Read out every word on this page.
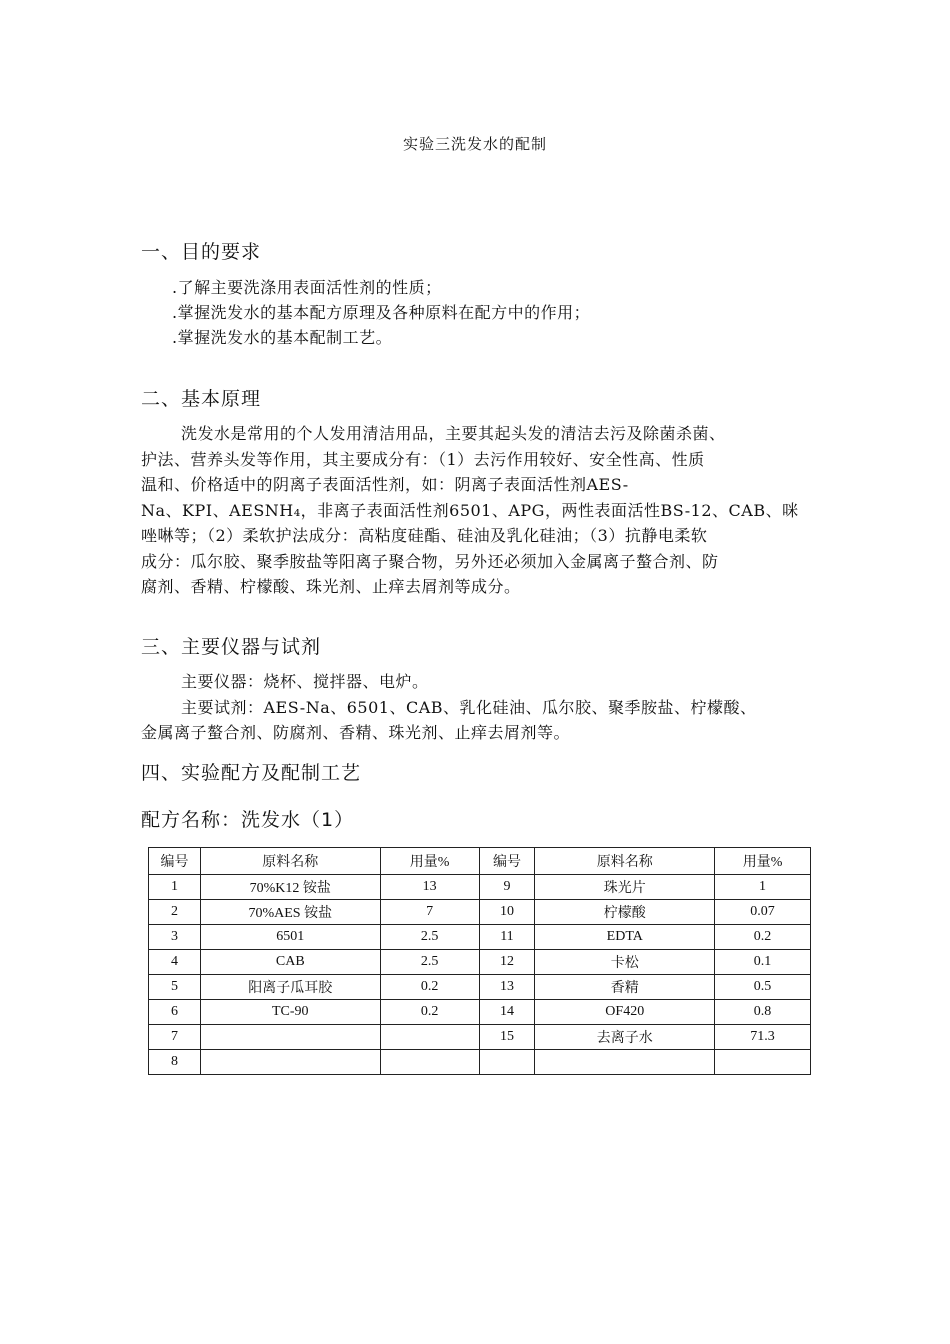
实验三洗发水的配制
一、目的要求
.了解主要洗涤用表面活性剂的性质；
.掌握洗发水的基本配方原理及各种原料在配方中的作用；
.掌握洗发水的基本配制工艺。
二、基本原理
洗发水是常用的个人发用清洁用品，主要其起头发的清洁去污及除菌杀菌、
护法、营养头发等作用，其主要成分有：（1）去污作用较好、安全性高、性质
温和、价格适中的阴离子表面活性剂，如：阴离子表面活性剂AES-
Na、KPI、AESNH₄，非离子表面活性剂6501、APG，两性表面活性BS-12、CAB、咪
唑啉等；（2）柔软护法成分：高粘度硅酯、硅油及乳化硅油；（3）抗静电柔软
成分：瓜尔胶、聚季胺盐等阳离子聚合物，另外还必须加入金属离子螯合剂、防
腐剂、香精、柠檬酸、珠光剂、止痒去屑剂等成分。
三、主要仪器与试剂
主要仪器：烧杯、搅拌器、电炉。
主要试剂：AES-Na、6501、CAB、乳化硅油、瓜尔胶、聚季胺盐、柠檬酸、
金属离子螯合剂、防腐剂、香精、珠光剂、止痒去屑剂等。
四、实验配方及配制工艺
配方名称：洗发水（1）
编号	原料名称	用量%	编号	原料名称	用量%
1	70%K12 铵盐	13	9	珠光片	1
2	70%AES 铵盐	7	10	柠檬酸	0.07
3	6501	2.5	11	EDTA	0.2
4	CAB	2.5	12	卡松	0.1
5	阳离子瓜耳胶	0.2	13	香精	0.5
6	TC-90	0.2	14	OF420	0.8
7			15	去离子水	71.3
8					
